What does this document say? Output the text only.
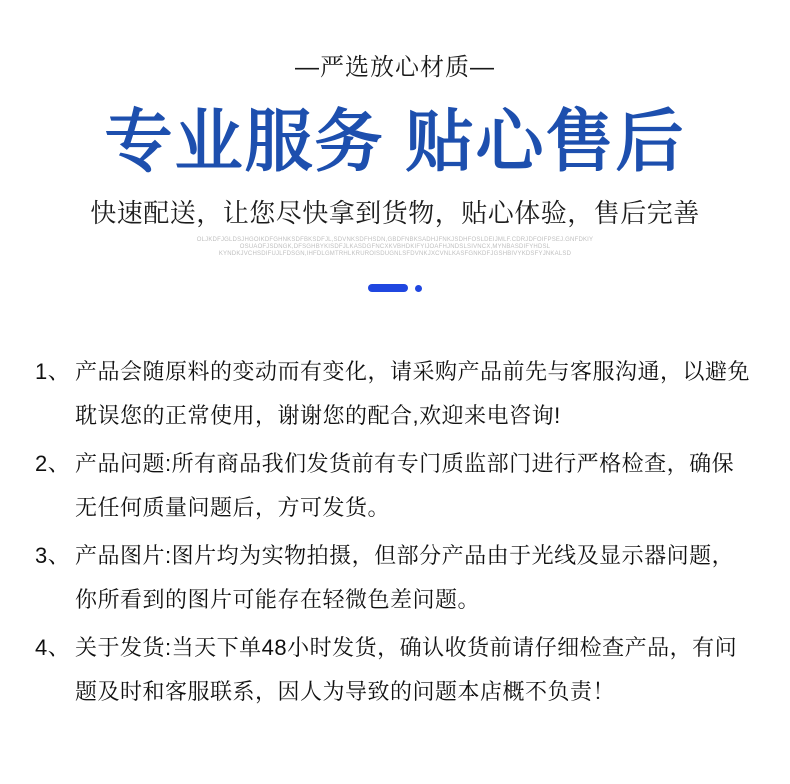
—严选放心材质—
专业服务 贴心售后
快速配送，让您尽快拿到货物，贴心体验，售后完善
OLJKDFJGLDSJHGOIKDFGHNKSDFBKSDFJL,SDVNKSDFHSDN,GBDFNBKSADHJFNKJSDHFOSLDEIJMLF.CDRJDFOIFPSEJ.GNFDKIY
OSUAOFJSDNGK,DFSGHBYKISDFJLKASDGFNCXKVBHDKIFYIJOAFHJNDSLSIVNCX,MYNBASDIFYHDSL
KYNDKJVCHSDIFUJLFDSGN,IHFDLGMTRHLKRUROISDUGNLSFDVNKJXCVNLKASFGNKDFJGSHBIVYKDSFYJNKALSD
1、 产品会随原料的变动而有变化，请采购产品前先与客服沟通，以避免耽误您的正常使用，谢谢您的配合,欢迎来电咨询!
2、 产品问题:所有商品我们发货前有专门质监部门进行严格检查，确保无任何质量问题后，方可发货。
3、 产品图片:图片均为实物拍摄，但部分产品由于光线及显示器问题，你所看到的图片可能存在轻微色差问题。
4、 关于发货:当天下单48小时发货，确认收货前请仔细检查产品，有问题及时和客服联系，因人为导致的问题本店概不负责！
